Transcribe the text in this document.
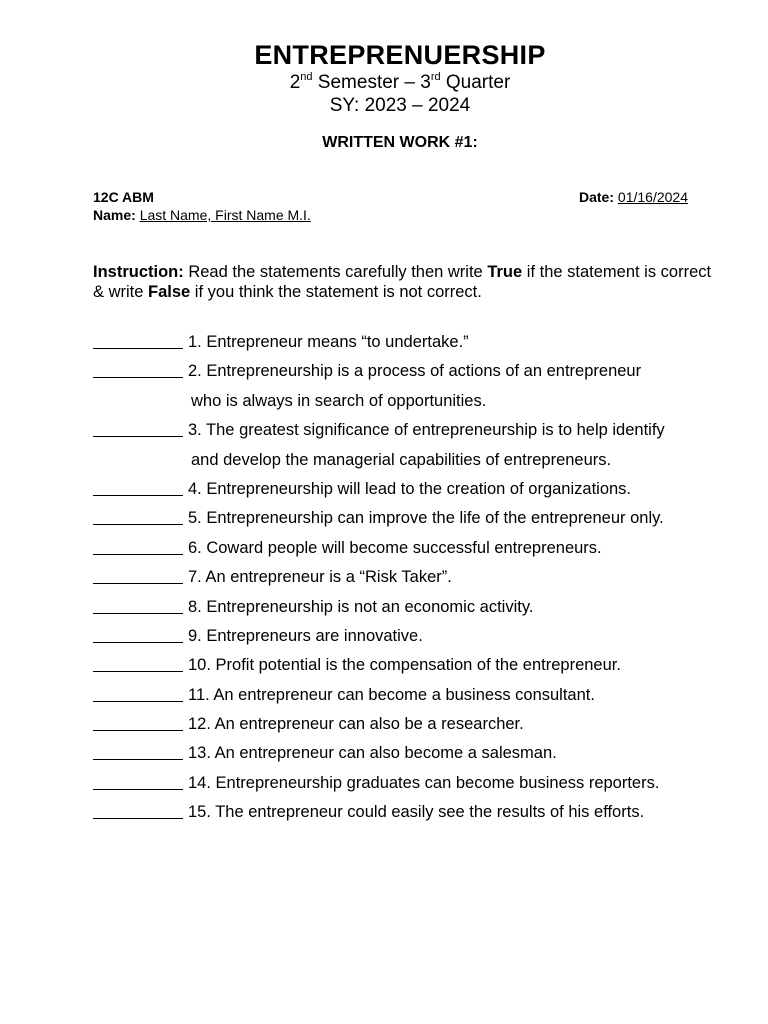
ENTREPRENUERSHIP
2nd Semester – 3rd Quarter
SY: 2023 – 2024
WRITTEN WORK #1:
12C ABM
Name: Last Name, First Name M.I.
Date: 01/16/2024
Instruction: Read the statements carefully then write True if the statement is correct & write False if you think the statement is not correct.
1. Entrepreneur means “to undertake.”
2. Entrepreneurship is a process of actions of an entrepreneur
who is always in search of opportunities.
3. The greatest significance of entrepreneurship is to help identify
and develop the managerial capabilities of entrepreneurs.
4. Entrepreneurship will lead to the creation of organizations.
5. Entrepreneurship can improve the life of the entrepreneur only.
6. Coward people will become successful entrepreneurs.
7. An entrepreneur is a “Risk Taker”.
8. Entrepreneurship is not an economic activity.
9. Entrepreneurs are innovative.
10. Profit potential is the compensation of the entrepreneur.
11. An entrepreneur can become a business consultant.
12. An entrepreneur can also be a researcher.
13. An entrepreneur can also become a salesman.
14. Entrepreneurship graduates can become business reporters.
15. The entrepreneur could easily see the results of his efforts.
